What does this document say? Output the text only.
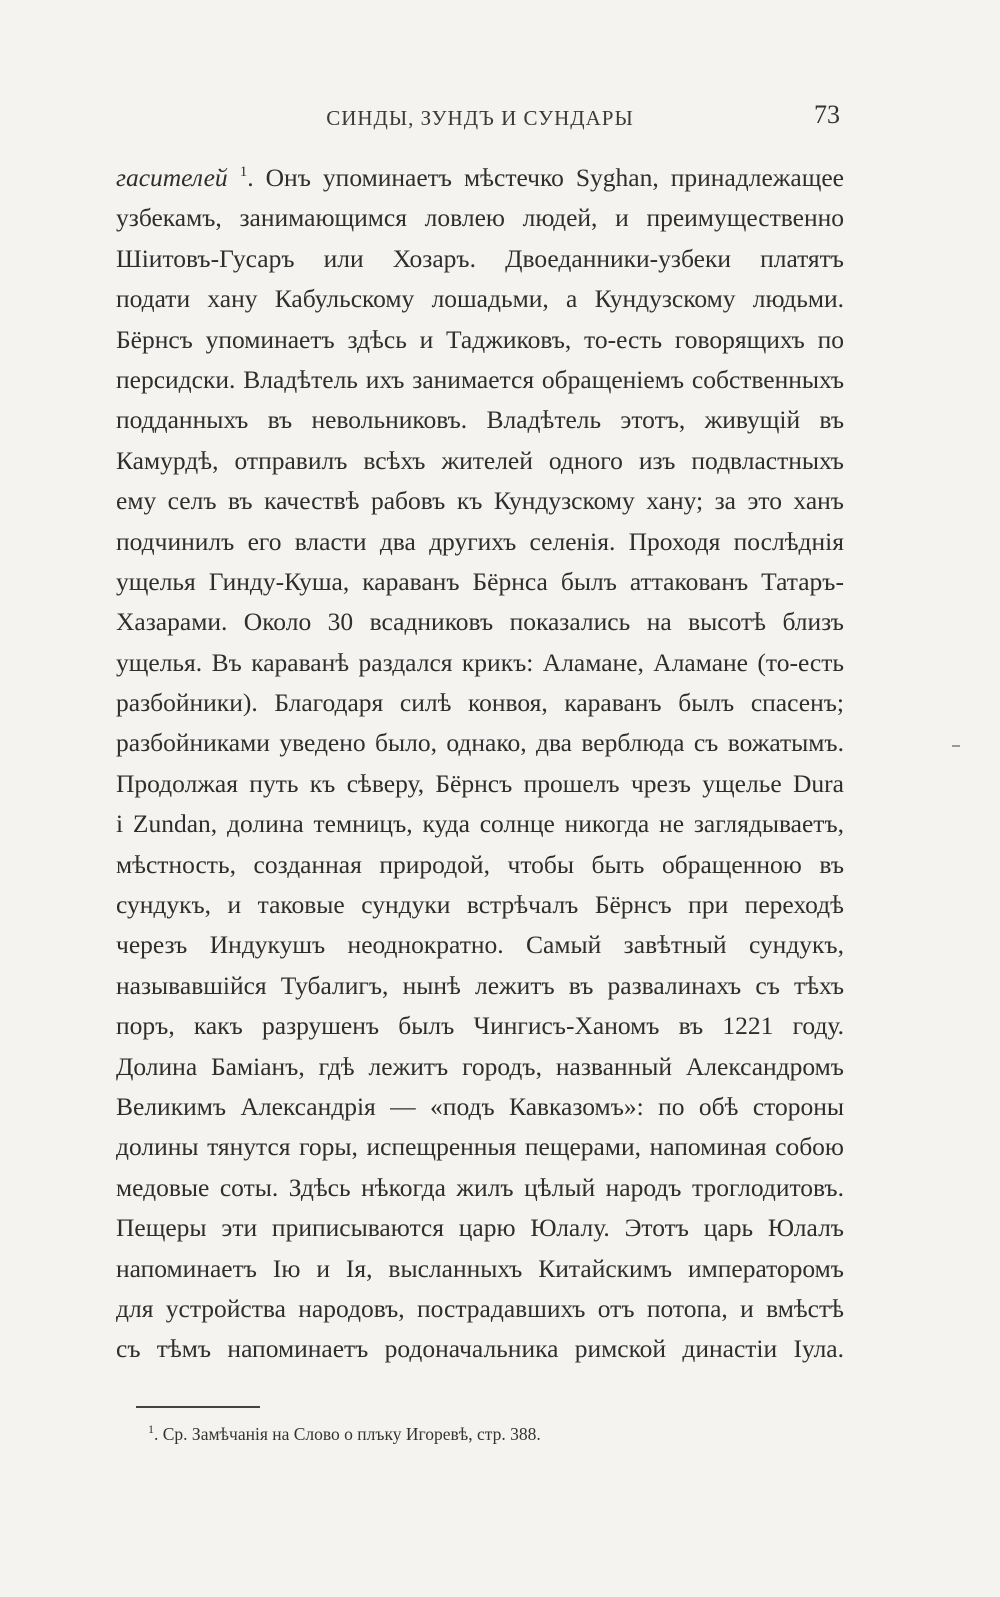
СИНДЫ, ЗУНДЪ И СУНДАРЫ	73
гасителей $^1$. Онъ упоминаетъ мѣстечко Syghan, принадлежащее
узбекамъ, занимающимся ловлею людей, и преимущественно
Шiитовъ-Гусаръ или Хозаръ. Двоеданники-узбеки платятъ
подати хану Кабульскому лошадьми, а Кундузскому людьми.
Бёрнсъ упоминаетъ здѣсь и Таджиковъ, то-есть говорящихъ по
персидски. Владѣтель ихъ занимается обращенiемъ собственныхъ
подданныхъ въ невольниковъ. Владѣтель этотъ, живущiй въ
Камурдѣ, отправилъ всѣхъ жителей одного изъ подвластныхъ
ему селъ въ качествѣ рабовъ къ Кундузскому хану; за это ханъ
подчинилъ его власти два другихъ селенiя. Проходя послѣднiя
ущелья Гинду-Куша, караванъ Бёрнса былъ аттакованъ Татаръ-
Хазарами. Около 30 всадниковъ показались на высотѣ близъ
ущелья. Въ караванѣ раздался крикъ: Аламане, Аламане (то-есть
разбойники). Благодаря силѣ конвоя, караванъ былъ спасенъ;
разбойниками уведено было, однако, два верблюда съ вожатымъ.
Продолжая путь къ сѣверу, Бёрнсъ прошелъ чрезъ ущелье Dura
i Zundan, долина темницъ, куда солнце никогда не заглядываетъ,
мѣстность, созданная природой, чтобы быть обращенною въ
сундукъ, и таковые сундуки встрѣчалъ Бёрнсъ при переходѣ
черезъ Индукушъ неоднократно. Самый завѣтный сундукъ,
называвшiйся Тубалигъ, нынѣ лежитъ въ развалинахъ съ тѣхъ
поръ, какъ разрушенъ былъ Чингисъ-Ханомъ въ 1221 году.
Долина Бамiанъ, гдѣ лежитъ городъ, названный Александромъ
Великимъ Александрiя — «подъ Кавказомъ»: по обѣ стороны
долины тянутся горы, испещренныя пещерами, напоминая собою
медовые соты. Здѣсь нѣкогда жилъ цѣлый народъ троглодитовъ.
Пещеры эти приписываются царю Юлалу. Этотъ царь Юлалъ
напоминаетъ Iю и Iя, высланныхъ Китайскимъ императоромъ
для устройства народовъ, пострадавшихъ отъ потопа, и вмѣстѣ
съ тѣмъ напоминаетъ родоначальника римской династiи Iула.
$^1$. Ср. Замѣчанiя на Слово о плъку Игоревѣ, стр. 388.
